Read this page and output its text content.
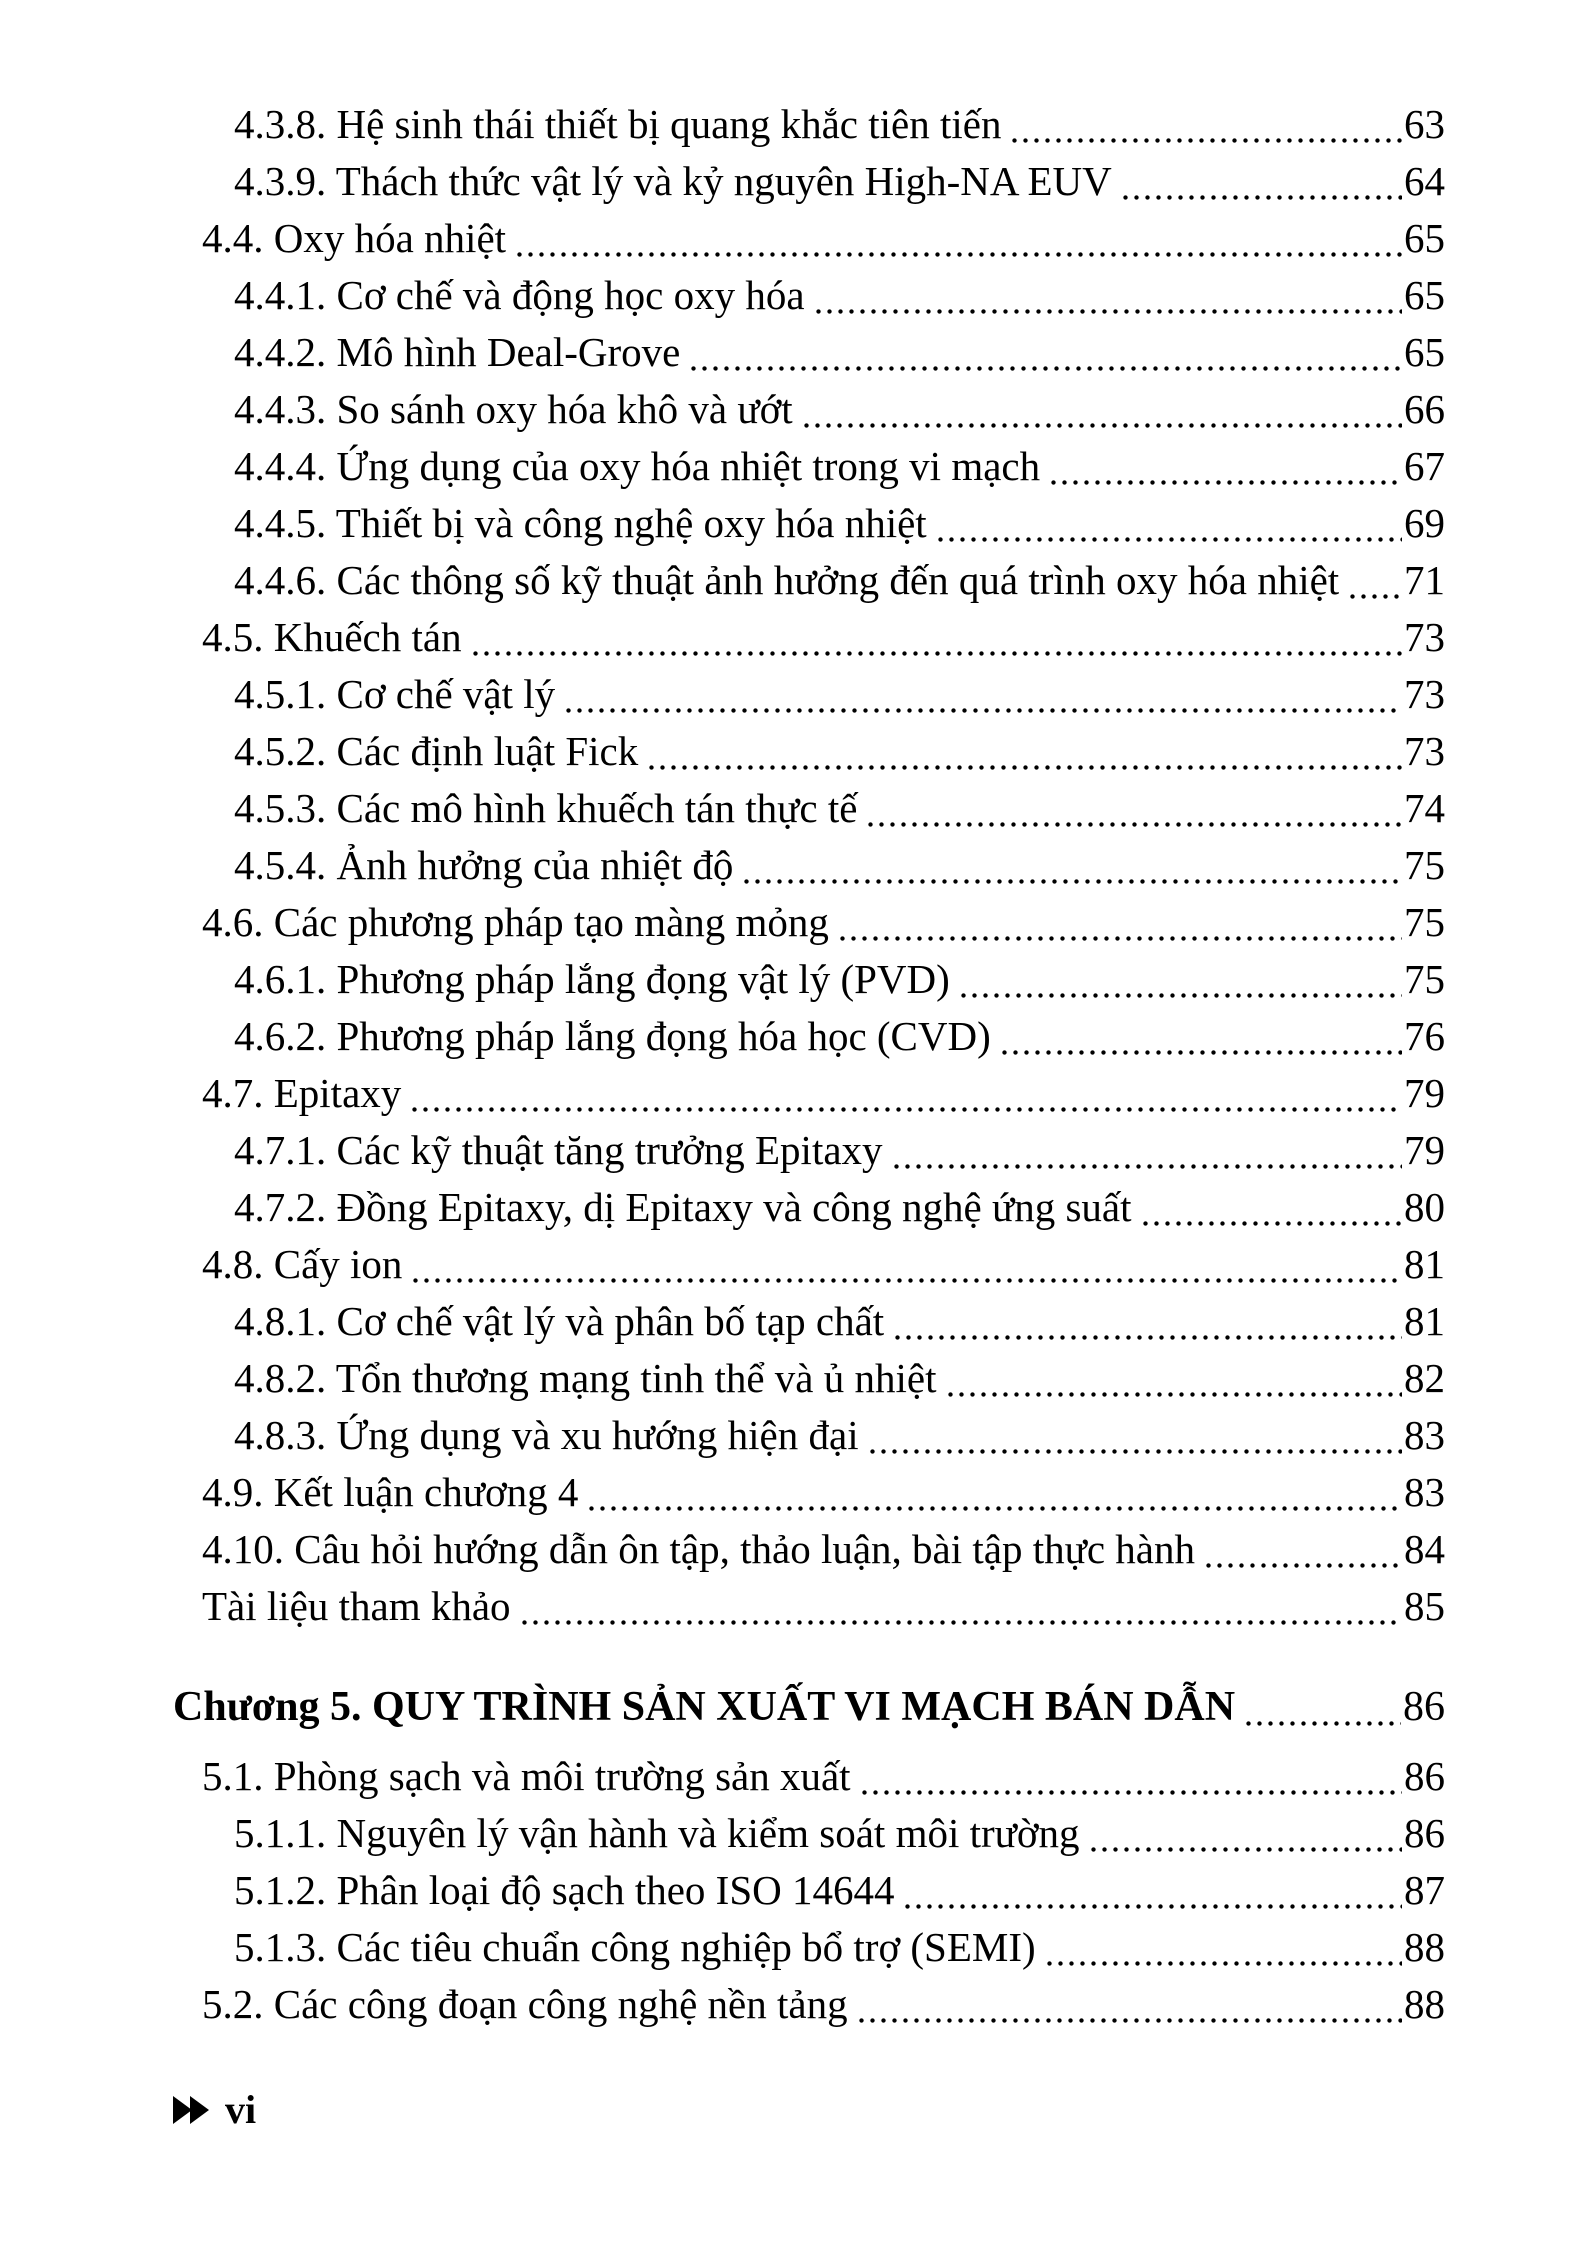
4.3.8. Hệ sinh thái thiết bị quang khắc tiên tiến	63
4.3.9. Thách thức vật lý và kỷ nguyên High-NA EUV	64
4.4. Oxy hóa nhiệt	65
4.4.1. Cơ chế và động học oxy hóa	65
4.4.2. Mô hình Deal-Grove	65
4.4.3. So sánh oxy hóa khô và ướt	66
4.4.4. Ứng dụng của oxy hóa nhiệt trong vi mạch	67
4.4.5. Thiết bị và công nghệ oxy hóa nhiệt	69
4.4.6. Các thông số kỹ thuật ảnh hưởng đến quá trình oxy hóa nhiệt 71
4.5. Khuếch tán	73
4.5.1. Cơ chế vật lý	73
4.5.2. Các định luật Fick	73
4.5.3. Các mô hình khuếch tán thực tế	74
4.5.4. Ảnh hưởng của nhiệt độ	75
4.6. Các phương pháp tạo màng mỏng	75
4.6.1. Phương pháp lắng đọng vật lý (PVD)	75
4.6.2. Phương pháp lắng đọng hóa học (CVD)	76
4.7. Epitaxy	79
4.7.1. Các kỹ thuật tăng trưởng Epitaxy	79
4.7.2. Đồng Epitaxy, dị Epitaxy và công nghệ ứng suất	80
4.8. Cấy ion	81
4.8.1. Cơ chế vật lý và phân bố tạp chất	81
4.8.2. Tổn thương mạng tinh thể và ủ nhiệt	82
4.8.3. Ứng dụng và xu hướng hiện đại	83
4.9. Kết luận chương 4	83
4.10. Câu hỏi hướng dẫn ôn tập, thảo luận, bài tập thực hành	84
Tài liệu tham khảo	85
Chương 5. QUY TRÌNH SẢN XUẤT VI MẠCH BÁN DẪN	86
5.1. Phòng sạch và môi trường sản xuất	86
5.1.1. Nguyên lý vận hành và kiểm soát môi trường	86
5.1.2. Phân loại độ sạch theo ISO 14644	87
5.1.3. Các tiêu chuẩn công nghiệp bổ trợ (SEMI)	88
5.2. Các công đoạn công nghệ nền tảng	88
vi
